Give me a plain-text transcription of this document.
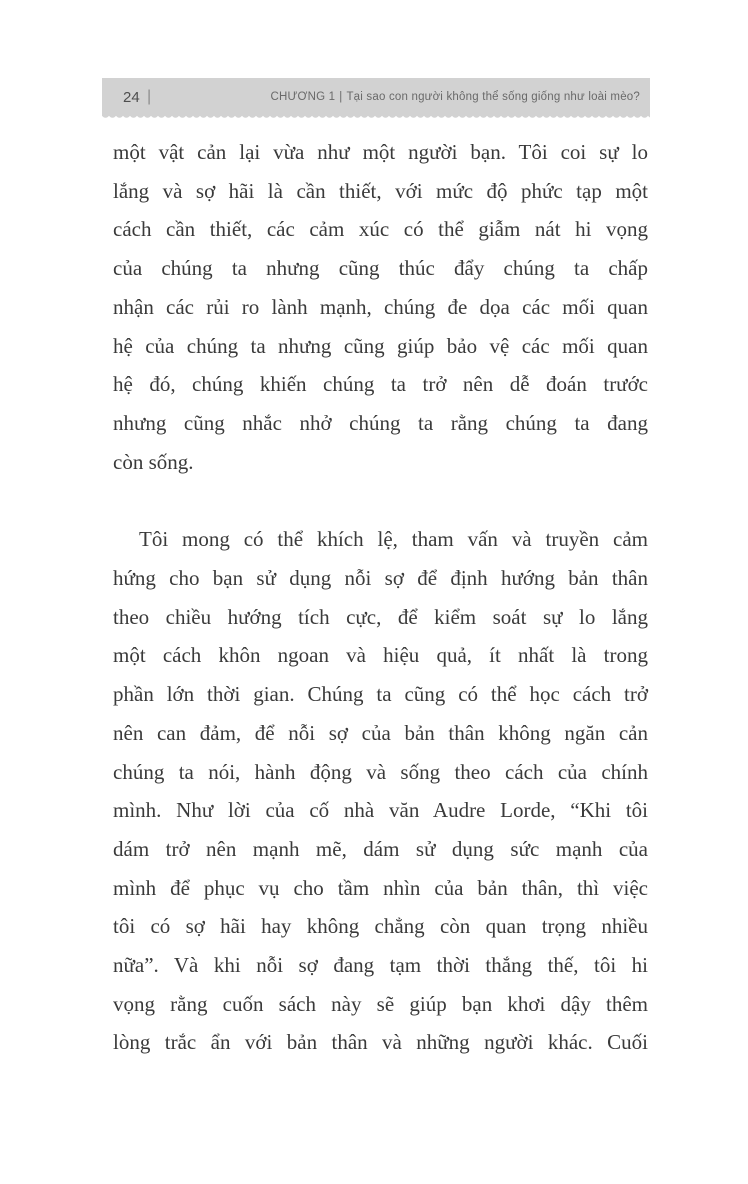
24 |	CHƯƠNG 1 | Tại sao con người không thể sống giống như loài mèo?
một vật cản lại vừa như một người bạn. Tôi coi sự lo
lắng và sợ hãi là cần thiết, với mức độ phức tạp một
cách cần thiết, các cảm xúc có thể giẫm nát hi vọng
của chúng ta nhưng cũng thúc đẩy chúng ta chấp
nhận các rủi ro lành mạnh, chúng đe dọa các mối quan
hệ của chúng ta nhưng cũng giúp bảo vệ các mối quan
hệ đó, chúng khiến chúng ta trở nên dễ đoán trước
nhưng cũng nhắc nhở chúng ta rằng chúng ta đang
còn sống.
Tôi mong có thể khích lệ, tham vấn và truyền cảm
hứng cho bạn sử dụng nỗi sợ để định hướng bản thân
theo chiều hướng tích cực, để kiểm soát sự lo lắng
một cách khôn ngoan và hiệu quả, ít nhất là trong
phần lớn thời gian. Chúng ta cũng có thể học cách trở
nên can đảm, để nỗi sợ của bản thân không ngăn cản
chúng ta nói, hành động và sống theo cách của chính
mình. Như lời của cố nhà văn Audre Lorde, “Khi tôi
dám trở nên mạnh mẽ, dám sử dụng sức mạnh của
mình để phục vụ cho tầm nhìn của bản thân, thì việc
tôi có sợ hãi hay không chẳng còn quan trọng nhiều
nữa”. Và khi nỗi sợ đang tạm thời thắng thế, tôi hi
vọng rằng cuốn sách này sẽ giúp bạn khơi dậy thêm
lòng trắc ẩn với bản thân và những người khác. Cuối
